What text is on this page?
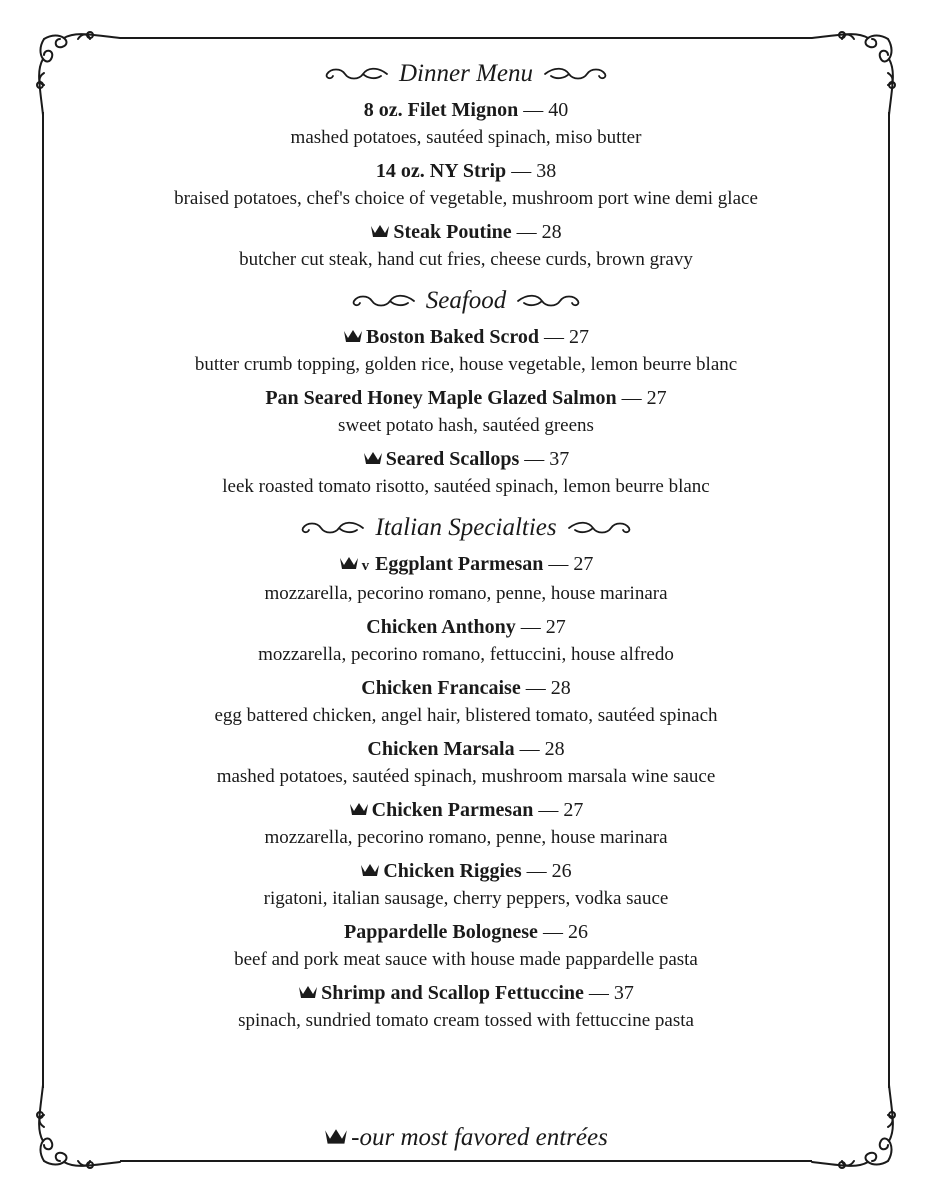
Dinner Menu
8 oz. Filet Mignon — 40
mashed potatoes, sautéed spinach, miso butter
14 oz. NY Strip — 38
braised potatoes, chef's choice of vegetable, mushroom port wine demi glace
Steak Poutine — 28
butcher cut steak, hand cut fries, cheese curds, brown gravy
Seafood
Boston Baked Scrod — 27
butter crumb topping, golden rice, house vegetable, lemon beurre blanc
Pan Seared Honey Maple Glazed Salmon — 27
sweet potato hash, sautéed greens
Seared Scallops — 37
leek roasted tomato risotto, sautéed spinach, lemon beurre blanc
Italian Specialties
v Eggplant Parmesan — 27
mozzarella, pecorino romano, penne, house marinara
Chicken Anthony — 27
mozzarella, pecorino romano, fettuccini, house alfredo
Chicken Francaise — 28
egg battered chicken, angel hair, blistered tomato, sautéed spinach
Chicken Marsala — 28
mashed potatoes, sautéed spinach, mushroom marsala wine sauce
Chicken Parmesan — 27
mozzarella, pecorino romano, penne, house marinara
Chicken Riggies — 26
rigatoni, italian sausage, cherry peppers, vodka sauce
Pappardelle Bolognese — 26
beef and pork meat sauce with house made pappardelle pasta
Shrimp and Scallop Fettuccine — 37
spinach, sundried tomato cream tossed with fettuccine pasta
-our most favored entrées
